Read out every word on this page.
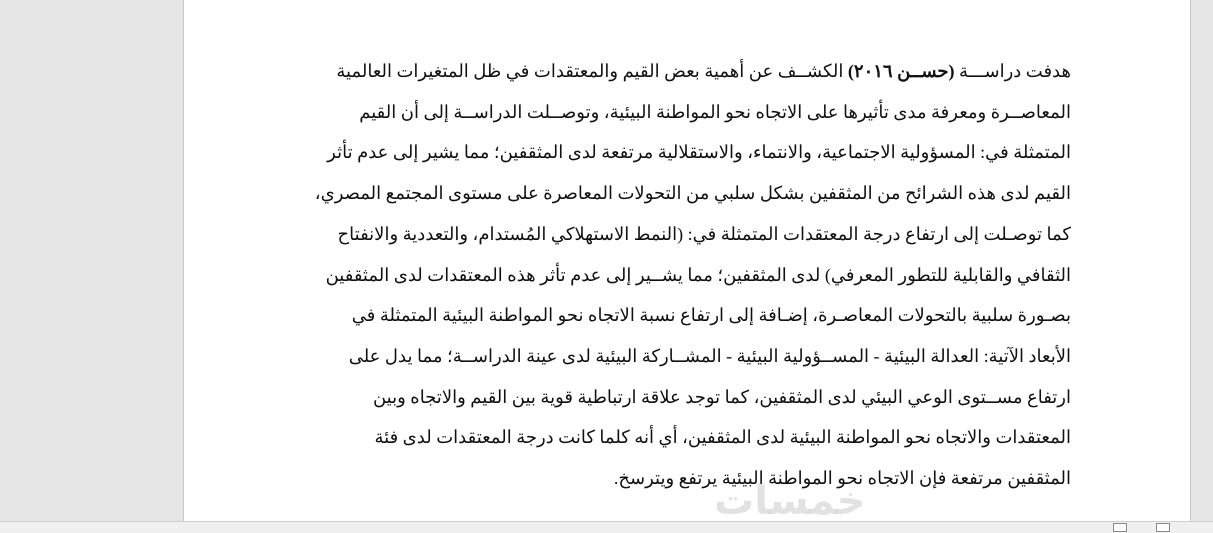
هدفت دراســـة (حســن ٢٠١٦) الكشــف عن أهمية بعض القيم والمعتقدات في ظل المتغيرات العالمية
المعاصــرة ومعرفة مدى تأثيرها على الاتجاه نحو المواطنة البيئية، وتوصــلت الدراســة إلى أن القيم
المتمثلة في: المسؤولية الاجتماعية، والانتماء، والاستقلالية مرتفعة لدى المثقفين؛ مما يشير إلى عدم تأثر
القيم لدى هذه الشرائح من المثقفين بشكل سلبي من التحولات المعاصرة على مستوى المجتمع المصري،
كما توصـلت إلى ارتفاع درجة المعتقدات المتمثلة في: (النمط الاستهلاكي المُستدام، والتعددية والانفتاح
الثقافي والقابلية للتطور المعرفي) لدى المثقفين؛ مما يشــير إلى عدم تأثر هذه المعتقدات لدى المثقفين
بصـورة سلبية بالتحولات المعاصـرة، إضـافة إلى ارتفاع نسبة الاتجاه نحو المواطنة البيئية المتمثلة في
الأبعاد الآتية: العدالة البيئية - المســؤولية البيئية - المشــاركة البيئية لدى عينة الدراســة؛ مما يدل على
ارتفاع مســتوى الوعي البيئي لدى المثقفين، كما توجد علاقة ارتباطية قوية بين القيم والاتجاه وبين
المعتقدات والاتجاه نحو المواطنة البيئية لدى المثقفين، أي أنه كلما كانت درجة المعتقدات لدى فئة
المثقفين مرتفعة فإن الاتجاه نحو المواطنة البيئية يرتفع ويترسخ.

خمسات
